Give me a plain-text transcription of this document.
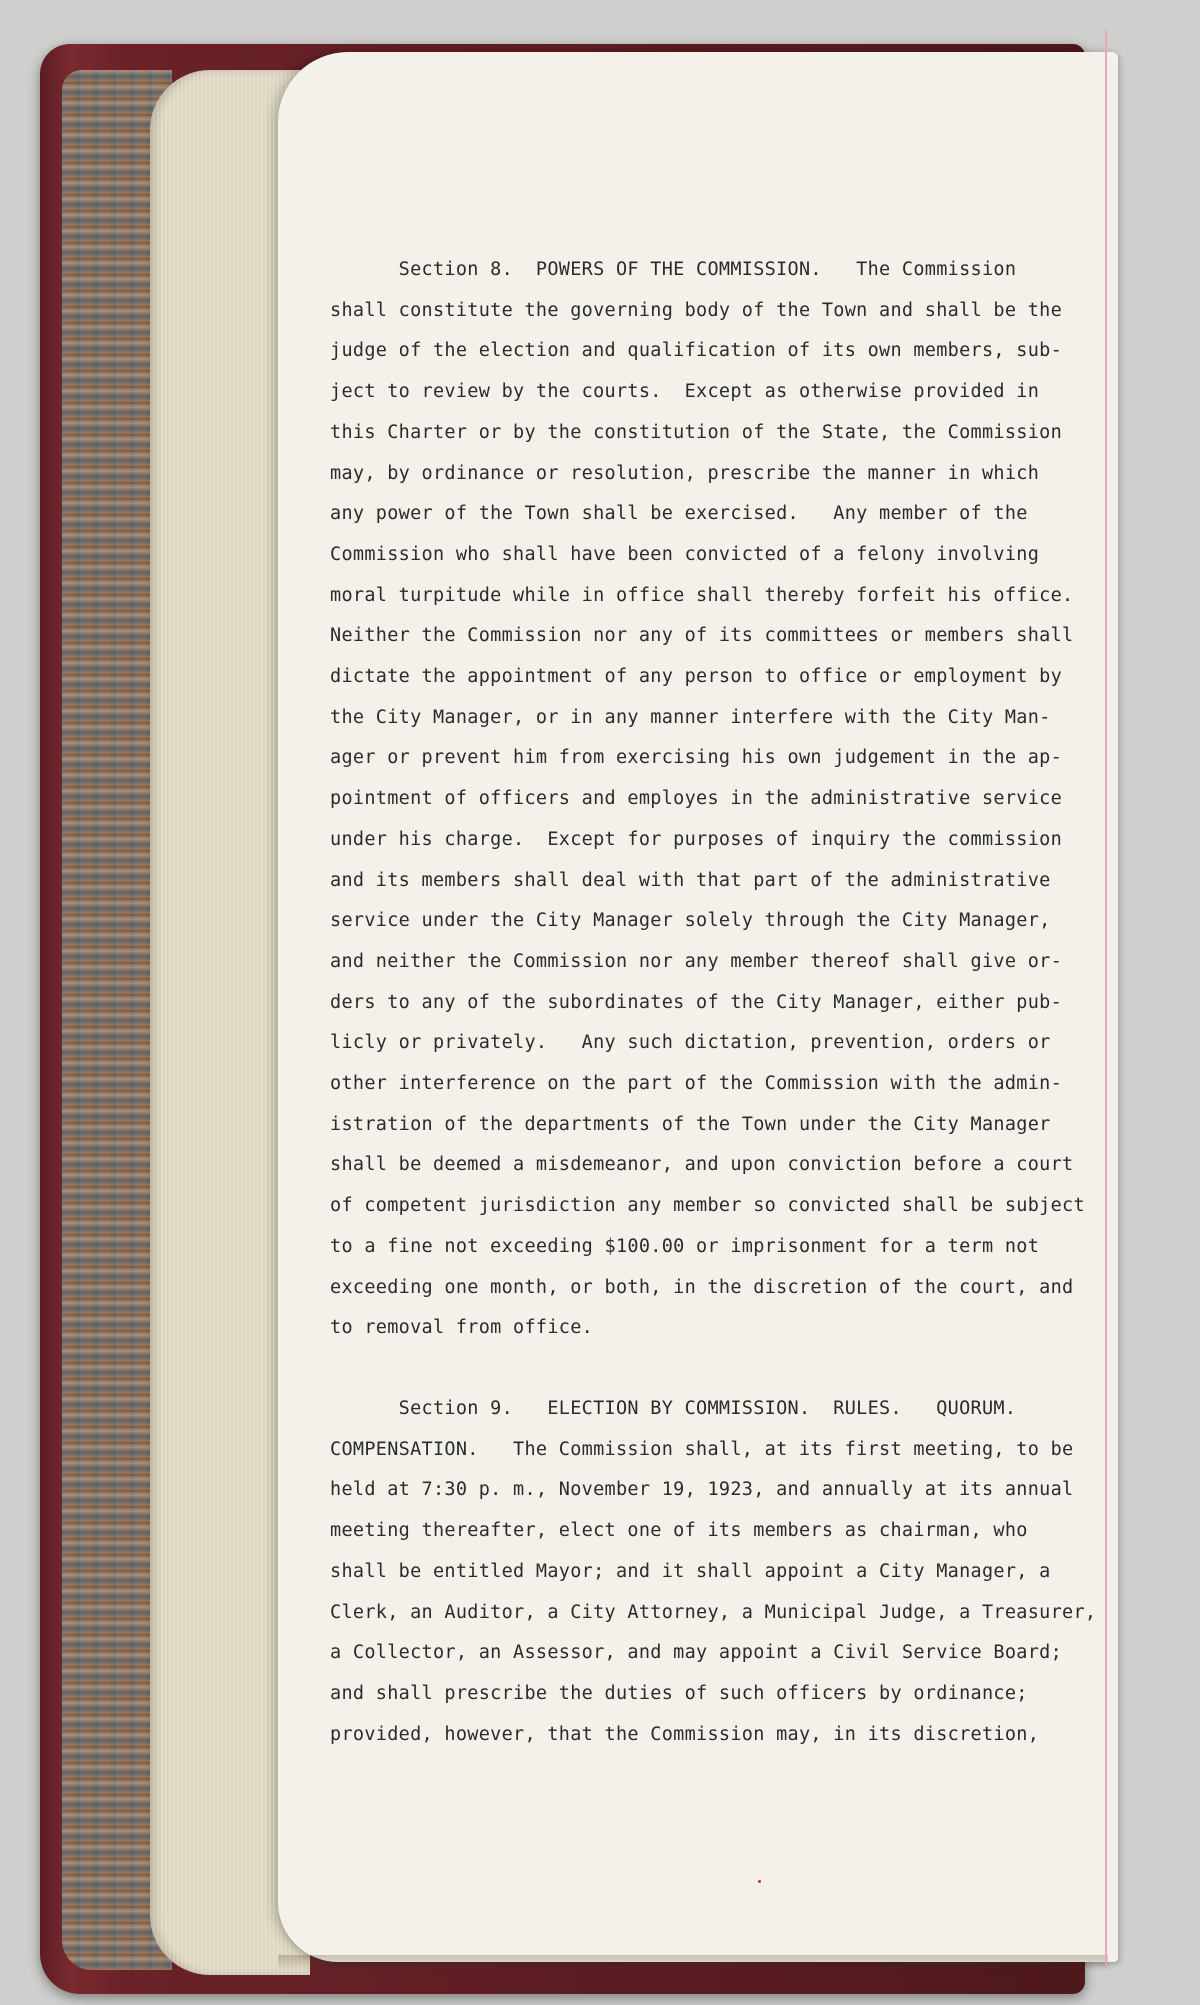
Section 8.  POWERS OF THE COMMISSION.   The Commission

shall constitute the governing body of the Town and shall be the

judge of the election and qualification of its own members, sub-

ject to review by the courts.  Except as otherwise provided in

this Charter or by the constitution of the State, the Commission

may, by ordinance or resolution, prescribe the manner in which

any power of the Town shall be exercised.   Any member of the

Commission who shall have been convicted of a felony involving

moral turpitude while in office shall thereby forfeit his office.

Neither the Commission nor any of its committees or members shall

dictate the appointment of any person to office or employment by

the City Manager, or in any manner interfere with the City Man-

ager or prevent him from exercising his own judgement in the ap-

pointment of officers and employes in the administrative service

under his charge.  Except for purposes of inquiry the commission

and its members shall deal with that part of the administrative

service under the City Manager solely through the City Manager,

and neither the Commission nor any member thereof shall give or-

ders to any of the subordinates of the City Manager, either pub-

licly or privately.   Any such dictation, prevention, orders or

other interference on the part of the Commission with the admin-

istration of the departments of the Town under the City Manager

shall be deemed a misdemeanor, and upon conviction before a court

of competent jurisdiction any member so convicted shall be subject

to a fine not exceeding $100.00 or imprisonment for a term not

exceeding one month, or both, in the discretion of the court, and

to removal from office.

Section 9.   ELECTION BY COMMISSION.  RULES.   QUORUM.

COMPENSATION.   The Commission shall, at its first meeting, to be

held at 7:30 p. m., November 19, 1923, and annually at its annual

meeting thereafter, elect one of its members as chairman, who

shall be entitled Mayor; and it shall appoint a City Manager, a

Clerk, an Auditor, a City Attorney, a Municipal Judge, a Treasurer,

a Collector, an Assessor, and may appoint a Civil Service Board;

and shall prescribe the duties of such officers by ordinance;

provided, however, that the Commission may, in its discretion,
